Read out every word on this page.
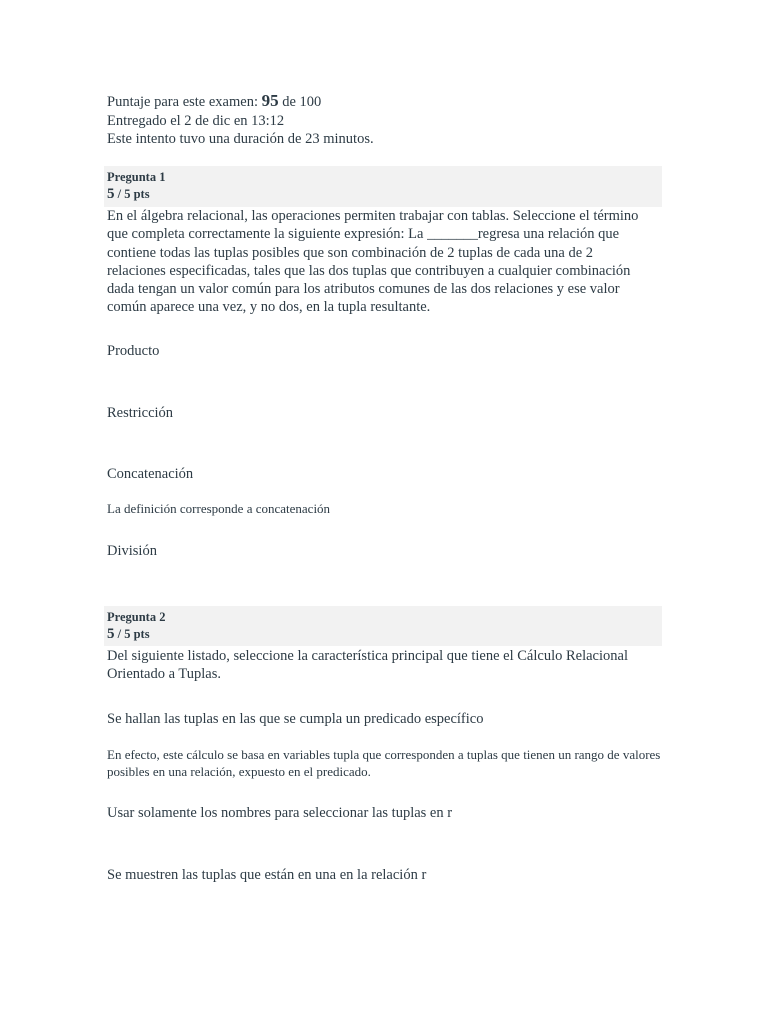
Puntaje para este examen: 95 de 100
Entregado el 2 de dic en 13:12
Este intento tuvo una duración de 23 minutos.
Pregunta 1
5 / 5 pts
En el álgebra relacional, las operaciones permiten trabajar con tablas. Seleccione el término que completa correctamente la siguiente expresión: La _______regresa una relación que contiene todas las tuplas posibles que son combinación de 2 tuplas de cada una de 2 relaciones especificadas, tales que las dos tuplas que contribuyen a cualquier combinación dada tengan un valor común para los atributos comunes de las dos relaciones y ese valor común aparece una vez, y no dos, en la tupla resultante.
Producto
Restricción
Concatenación
La definición corresponde a concatenación
División
Pregunta 2
5 / 5 pts
Del siguiente listado, seleccione la característica principal que tiene el Cálculo Relacional Orientado a Tuplas.
Se hallan las tuplas en las que se cumpla un predicado específico
En efecto, este cálculo se basa en variables tupla que corresponden a tuplas que tienen un rango de valores posibles en una relación, expuesto en el predicado.
Usar solamente los nombres para seleccionar las tuplas en r
Se muestren las tuplas que están en una en la relación r
